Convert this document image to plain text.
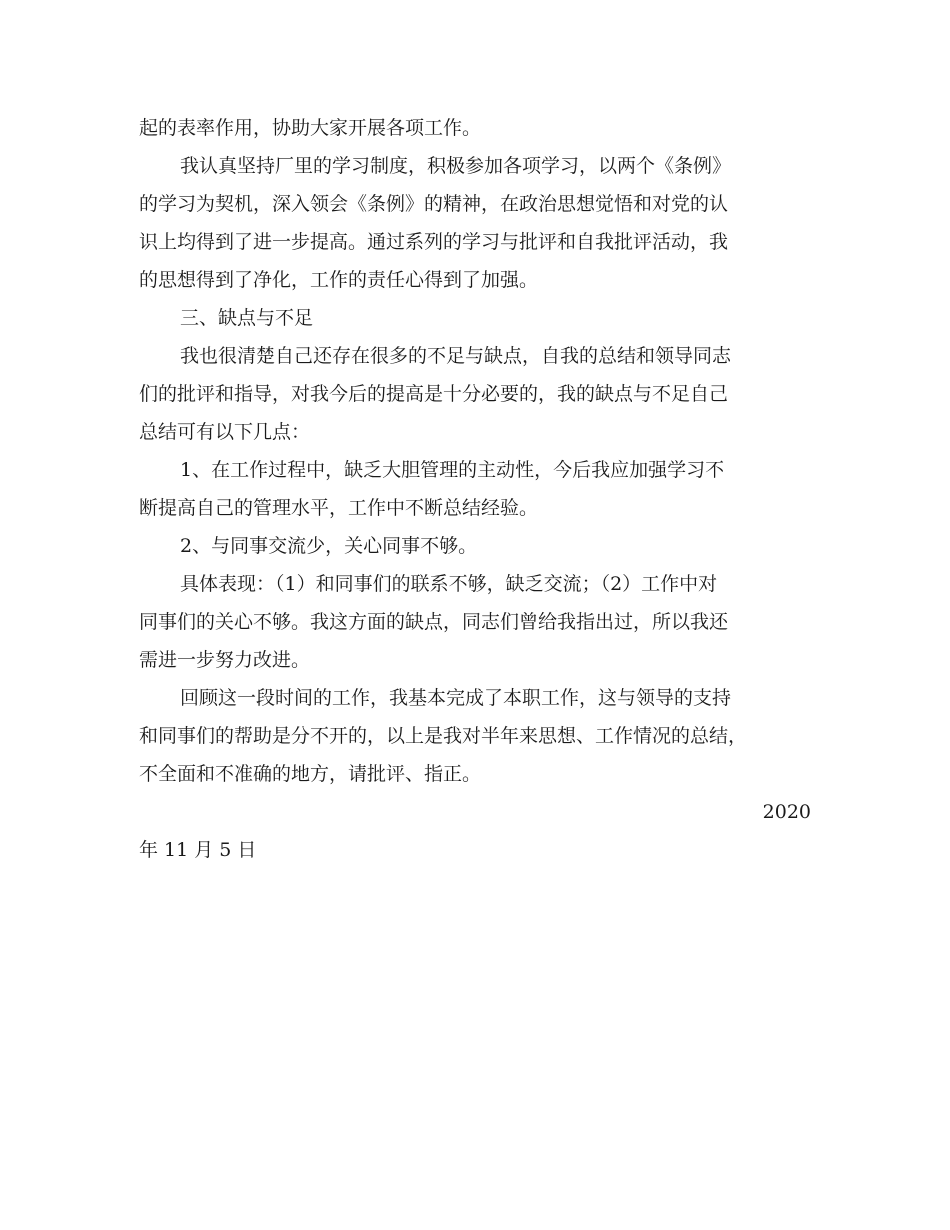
起的表率作用，协助大家开展各项工作。
我认真坚持厂里的学习制度，积极参加各项学习，以两个《条例》
的学习为契机，深入领会《条例》的精神，在政治思想觉悟和对党的认
识上均得到了进一步提高。通过系列的学习与批评和自我批评活动，我
的思想得到了净化，工作的责任心得到了加强。
三、缺点与不足
我也很清楚自己还存在很多的不足与缺点，自我的总结和领导同志
们的批评和指导，对我今后的提高是十分必要的，我的缺点与不足自己
总结可有以下几点：
1、在工作过程中，缺乏大胆管理的主动性，今后我应加强学习不
断提高自己的管理水平，工作中不断总结经验。
2、与同事交流少，关心同事不够。
具体表现：（1）和同事们的联系不够，缺乏交流；（2）工作中对
同事们的关心不够。我这方面的缺点，同志们曾给我指出过，所以我还
需进一步努力改进。
回顾这一段时间的工作，我基本完成了本职工作，这与领导的支持
和同事们的帮助是分不开的，以上是我对半年来思想、工作情况的总结，
不全面和不准确的地方，请批评、指正。
2020
年 11 月 5 日
